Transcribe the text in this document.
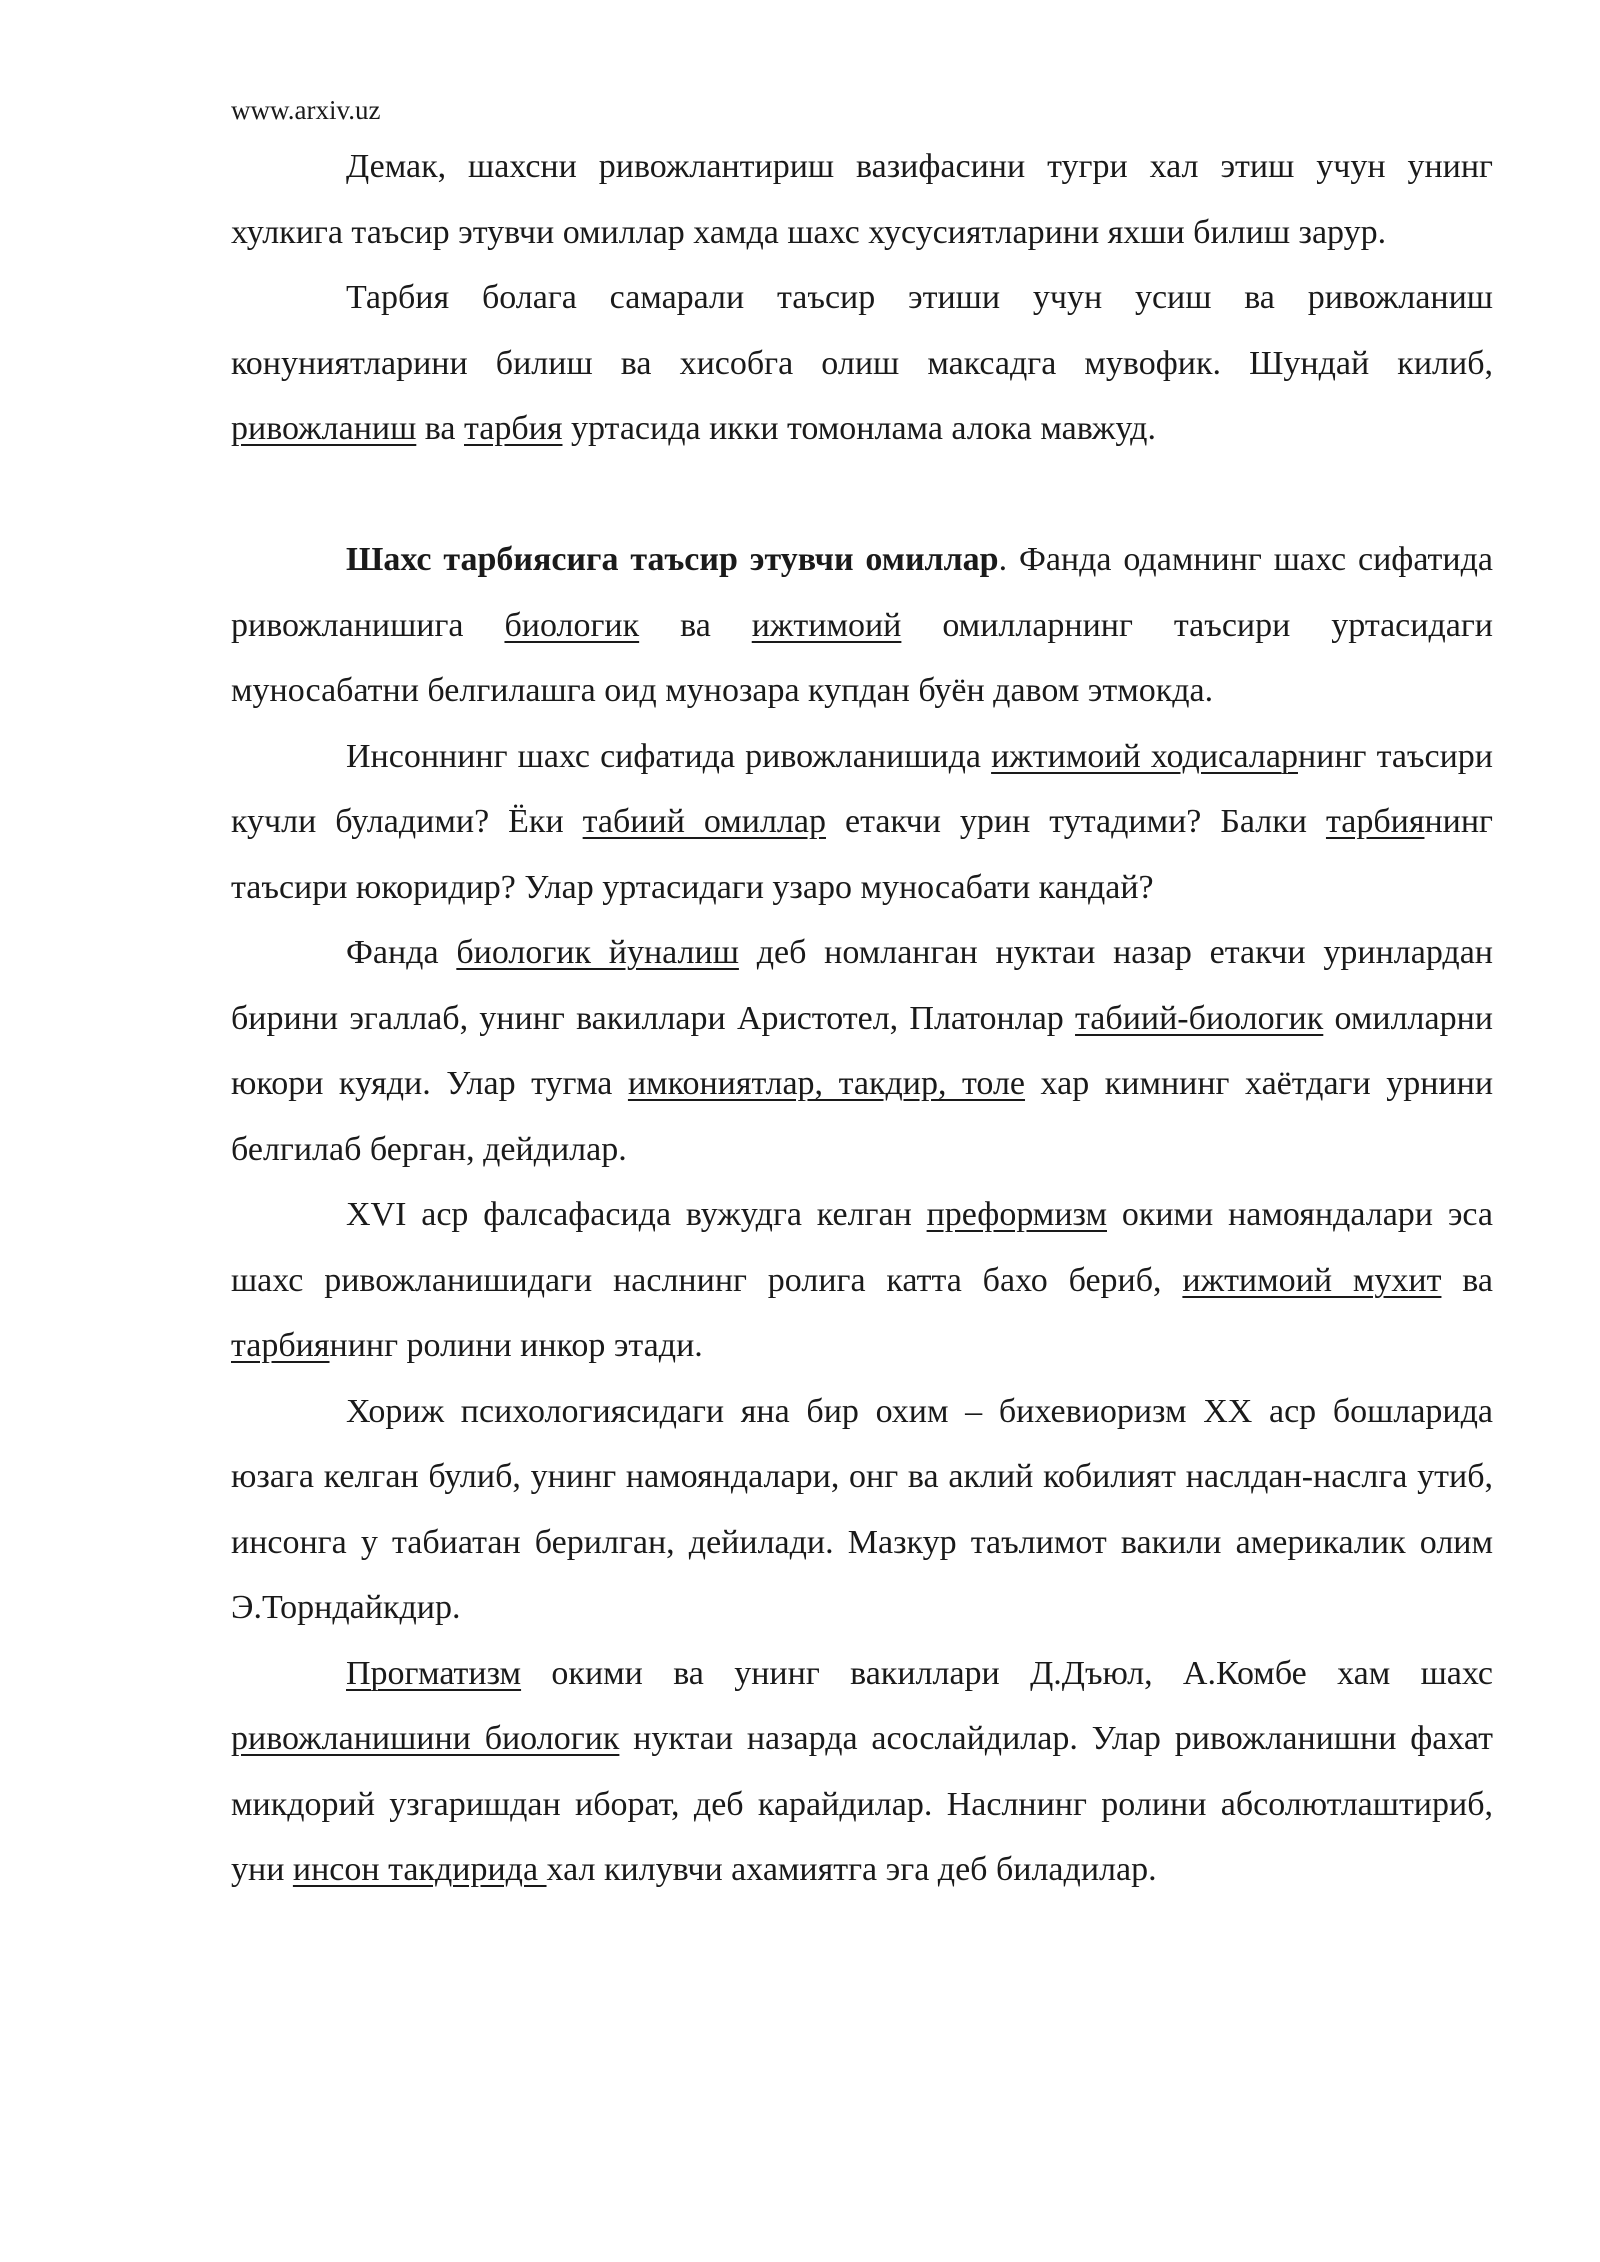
www.arxiv.uz

Демак, шахсни ривожлантириш вазифасини тугри хал этиш учун унинг хулкига таъсир этувчи омиллар хамда шахс хусусиятларини яхши билиш зарур.

Тарбия болага самарали таъсир этиши учун усиш ва ривожланиш конуниятларини билиш ва хисобга олиш максадга мувофик. Шундай килиб, ривожланиш ва тарбия уртасида икки томонлама алока мавжуд.

Шахс тарбиясига таъсир этувчи омиллар. Фанда одамнинг шахс сифатида ривожланишига биологик ва ижтимоий омилларнинг таъсири уртасидаги муносабатни белгилашга оид мунозара купдан буён давом этмокда.

Инсоннинг шахс сифатида ривожланишида ижтимоий ходисаларнинг таъсири кучли буладими? Ёки табиий омиллар етакчи урин тутадими? Балки тарбиянинг таъсири юкоридир? Улар уртасидаги узаро муносабати кандай?

Фанда биологик йуналиш деб номланган нуктаи назар етакчи уринлардан бирини эгаллаб, унинг вакиллари Аристотел, Платонлар табиий-биологик омилларни юкори куяди. Улар тугма имкониятлар, такдир, толе хар кимнинг хаётдаги урнини белгилаб берган, дейдилар.

XVI аср фалсафасида вужудга келган преформизм окими намояндалари эса шахс ривожланишидаги наслнинг ролига катта бахо бериб, ижтимоий мухит ва тарбиянинг ролини инкор этади.

Хориж психологиясидаги яна бир охим – бихевиоризм XX аср бошларида юзага келган булиб, унинг намояндалари, онг ва аклий кобилият наслдан-наслга утиб, инсонга у табиатан берилган, дейилади. Мазкур таълимот вакили америкалик олим Э.Торндайкдир.

Прогматизм окими ва унинг вакиллари Д.Дъюл, А.Комбе хам шахс ривожланишини биологик нуктаи назарда асослайдилар. Улар ривожланишни фахат микдорий узгаришдан иборат, деб карайдилар. Наслнинг ролини абсолютлаштириб, уни инсон такдирида хал килувчи ахамиятга эга деб биладилар.
